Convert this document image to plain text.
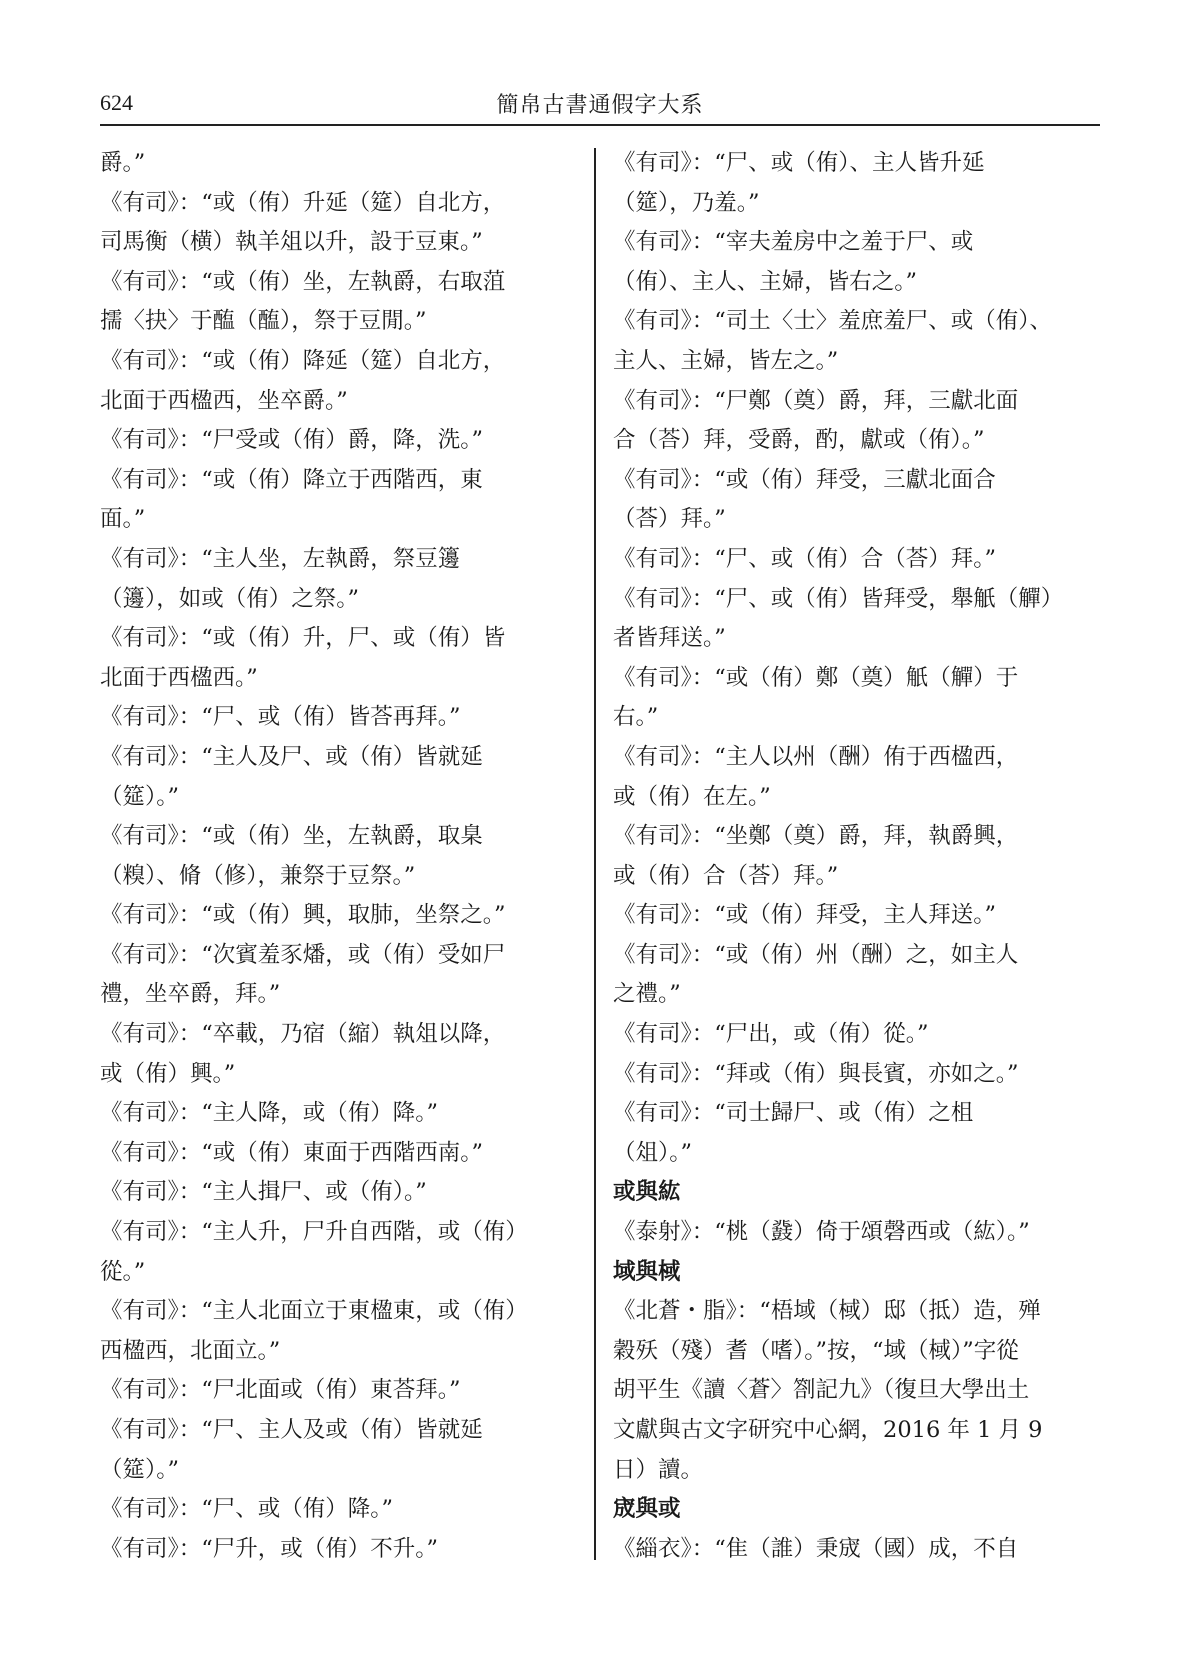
624	簡帛古書通假字大系
爵。”
《有司》：“或（侑）升延（筵）自北方，
司馬衡（横）執羊俎以升，設于豆東。”
《有司》：“或（侑）坐，左執爵，右取菹
擩〈抉〉于醢（醢），祭于豆閒。”
《有司》：“或（侑）降延（筵）自北方，
北面于西楹西，坐卒爵。”
《有司》：“尸受或（侑）爵，降，洗。”
《有司》：“或（侑）降立于西階西，東
面。”
《有司》：“主人坐，左執爵，祭豆籩
（籩），如或（侑）之祭。”
《有司》：“或（侑）升，尸、或（侑）皆
北面于西楹西。”
《有司》：“尸、或（侑）皆荅再拜。”
《有司》：“主人及尸、或（侑）皆就延
（筵）。”
《有司》：“或（侑）坐，左執爵，取臬
（糗）、脩（修），兼祭于豆祭。”
《有司》：“或（侑）興，取肺，坐祭之。”
《有司》：“次賓羞豕燔，或（侑）受如尸
禮，坐卒爵，拜。”
《有司》：“卒載，乃宿（縮）執俎以降，
或（侑）興。”
《有司》：“主人降，或（侑）降。”
《有司》：“或（侑）東面于西階西南。”
《有司》：“主人揖尸、或（侑）。”
《有司》：“主人升，尸升自西階，或（侑）
從。”
《有司》：“主人北面立于東楹東，或（侑）
西楹西，北面立。”
《有司》：“尸北面或（侑）東荅拜。”
《有司》：“尸、主人及或（侑）皆就延
（筵）。”
《有司》：“尸、或（侑）降。”
《有司》：“尸升，或（侑）不升。”
《有司》：“尸、或（侑）、主人皆升延
（筵），乃羞。”
《有司》：“宰夫羞房中之羞于尸、或
（侑）、主人、主婦，皆右之。”
《有司》：“司土〈士〉羞庶羞尸、或（侑）、
主人、主婦，皆左之。”
《有司》：“尸鄭（奠）爵，拜，三獻北面
合（荅）拜，受爵，酌，獻或（侑）。”
《有司》：“或（侑）拜受，三獻北面合
（荅）拜。”
《有司》：“尸、或（侑）合（荅）拜。”
《有司》：“尸、或（侑）皆拜受，舉觗（觶）
者皆拜送。”
《有司》：“或（侑）鄭（奠）觗（觶）于
右。”
《有司》：“主人以州（酬）侑于西楹西，
或（侑）在左。”
《有司》：“坐鄭（奠）爵，拜，執爵興，
或（侑）合（荅）拜。”
《有司》：“或（侑）拜受，主人拜送。”
《有司》：“或（侑）州（酬）之，如主人
之禮。”
《有司》：“尸出，或（侑）從。”
《有司》：“拜或（侑）與長賓，亦如之。”
《有司》：“司士歸尸、或（侑）之柤
（俎）。”
或與紘
《泰射》：“桃（鼗）倚于頌磬西或（紘）。”
域與棫
《北蒼・脂》：“梧域（棫）邸（抵）造，殚
穀殀（殘）耆（嗜）。”按，“域（棫）”字從
胡平生《讀〈蒼〉劄記九》（復旦大學出土
文獻與古文字研究中心網，2016 年 1 月 9
日）讀。
宬與或
《緇衣》：“隹（誰）秉宬（國）成，不自
